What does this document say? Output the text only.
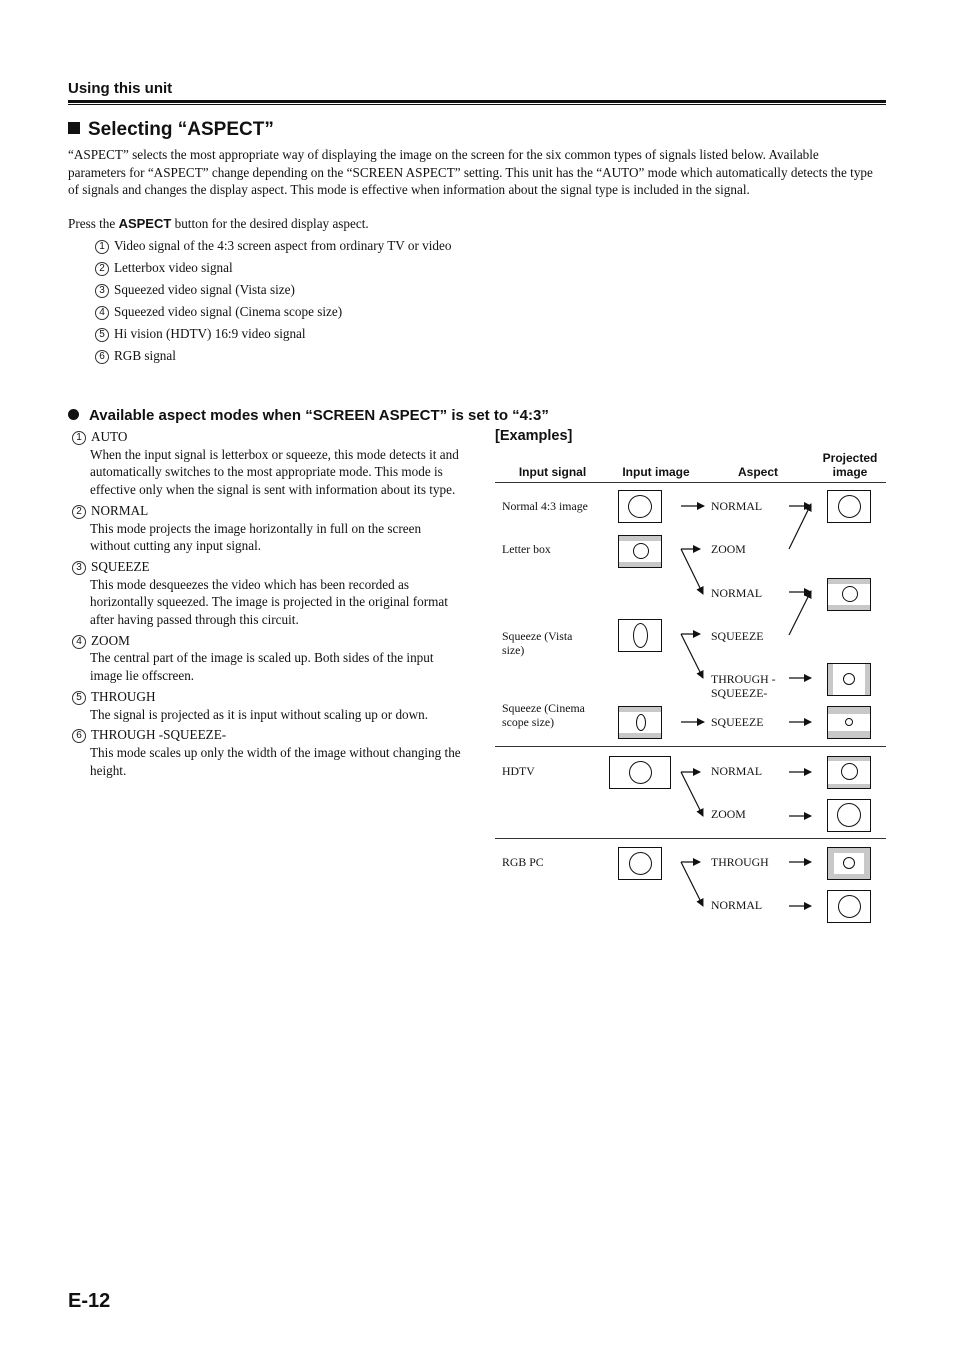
Using this unit
Selecting “ASPECT”
“ASPECT” selects the most appropriate way of displaying the image on the screen for the six common types of signals listed below. Available parameters for “ASPECT” change depending on the “SCREEN ASPECT” setting. This unit has the “AUTO” mode which automatically detects the type of signals and changes the display aspect. This mode is effective when information about the signal type is included in the signal.
Press the ASPECT button for the desired display aspect.
1 Video signal of the 4:3 screen aspect from ordinary TV or video
2 Letterbox video signal
3 Squeezed video signal (Vista size)
4 Squeezed video signal (Cinema scope size)
5 Hi vision (HDTV) 16:9 video signal
6 RGB signal
Available aspect modes when “SCREEN ASPECT” is set to “4:3”
1 AUTO
When the input signal is letterbox or squeeze, this mode detects it and automatically switches to the most appropriate mode. This mode is effective only when the signal is sent with information about its type.
2 NORMAL
This mode projects the image horizontally in full on the screen without cutting any input signal.
3 SQUEEZE
This mode desqueezes the video which has been recorded as horizontally squeezed. The image is projected in the original format after having passed through this circuit.
4 ZOOM
The central part of the image is scaled up. Both sides of the input image lie offscreen.
5 THROUGH
The signal is projected as it is input without scaling up or down.
6 THROUGH -SQUEEZE-
This mode scales up only the width of the image without changing the height.
[Examples]
Input signal	Input image	Aspect
Projected image
Normal 4:3 image
Letter box
Squeeze (Vista size)
Squeeze (Cinema scope size)
HDTV
RGB PC
NORMAL
ZOOM
NORMAL
SQUEEZE
THROUGH -SQUEEZE-
SQUEEZE
NORMAL
ZOOM
THROUGH
NORMAL
E-12
